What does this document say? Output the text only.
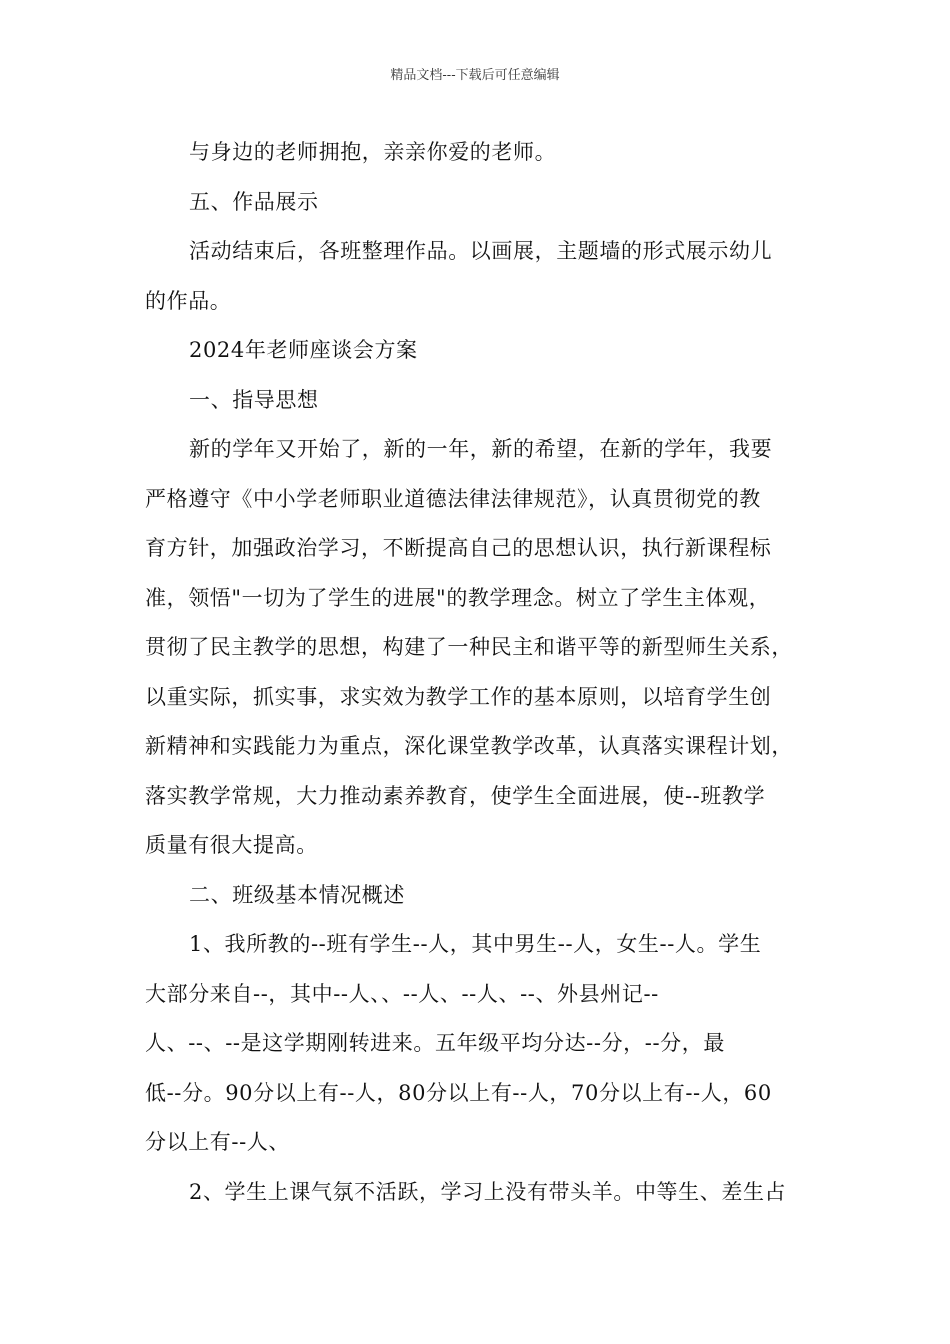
精品文档---下载后可任意编辑
与身边的老师拥抱，亲亲你爱的老师。
五、作品展示
活动结束后，各班整理作品。以画展，主题墙的形式展示幼儿
的作品。
2024年老师座谈会方案
一、指导思想
新的学年又开始了，新的一年，新的希望，在新的学年，我要
严格遵守《中小学老师职业道德法律法律规范》，认真贯彻党的教
育方针，加强政治学习，不断提高自己的思想认识，执行新课程标
准，领悟"一切为了学生的进展"的教学理念。树立了学生主体观，
贯彻了民主教学的思想，构建了一种民主和谐平等的新型师生关系，
以重实际，抓实事，求实效为教学工作的基本原则，以培育学生创
新精神和实践能力为重点，深化课堂教学改革，认真落实课程计划，
落实教学常规，大力推动素养教育，使学生全面进展，使--班教学
质量有很大提高。
二、班级基本情况概述
1、我所教的--班有学生--人，其中男生--人，女生--人。学生
大部分来自--，其中--人、、--人、--人、--、外县州记--
人、--、--是这学期刚转进来。五年级平均分达--分，--分，最
低--分。90分以上有--人，80分以上有--人，70分以上有--人，60
分以上有--人、
2、学生上课气氛不活跃，学习上没有带头羊。中等生、差生占
